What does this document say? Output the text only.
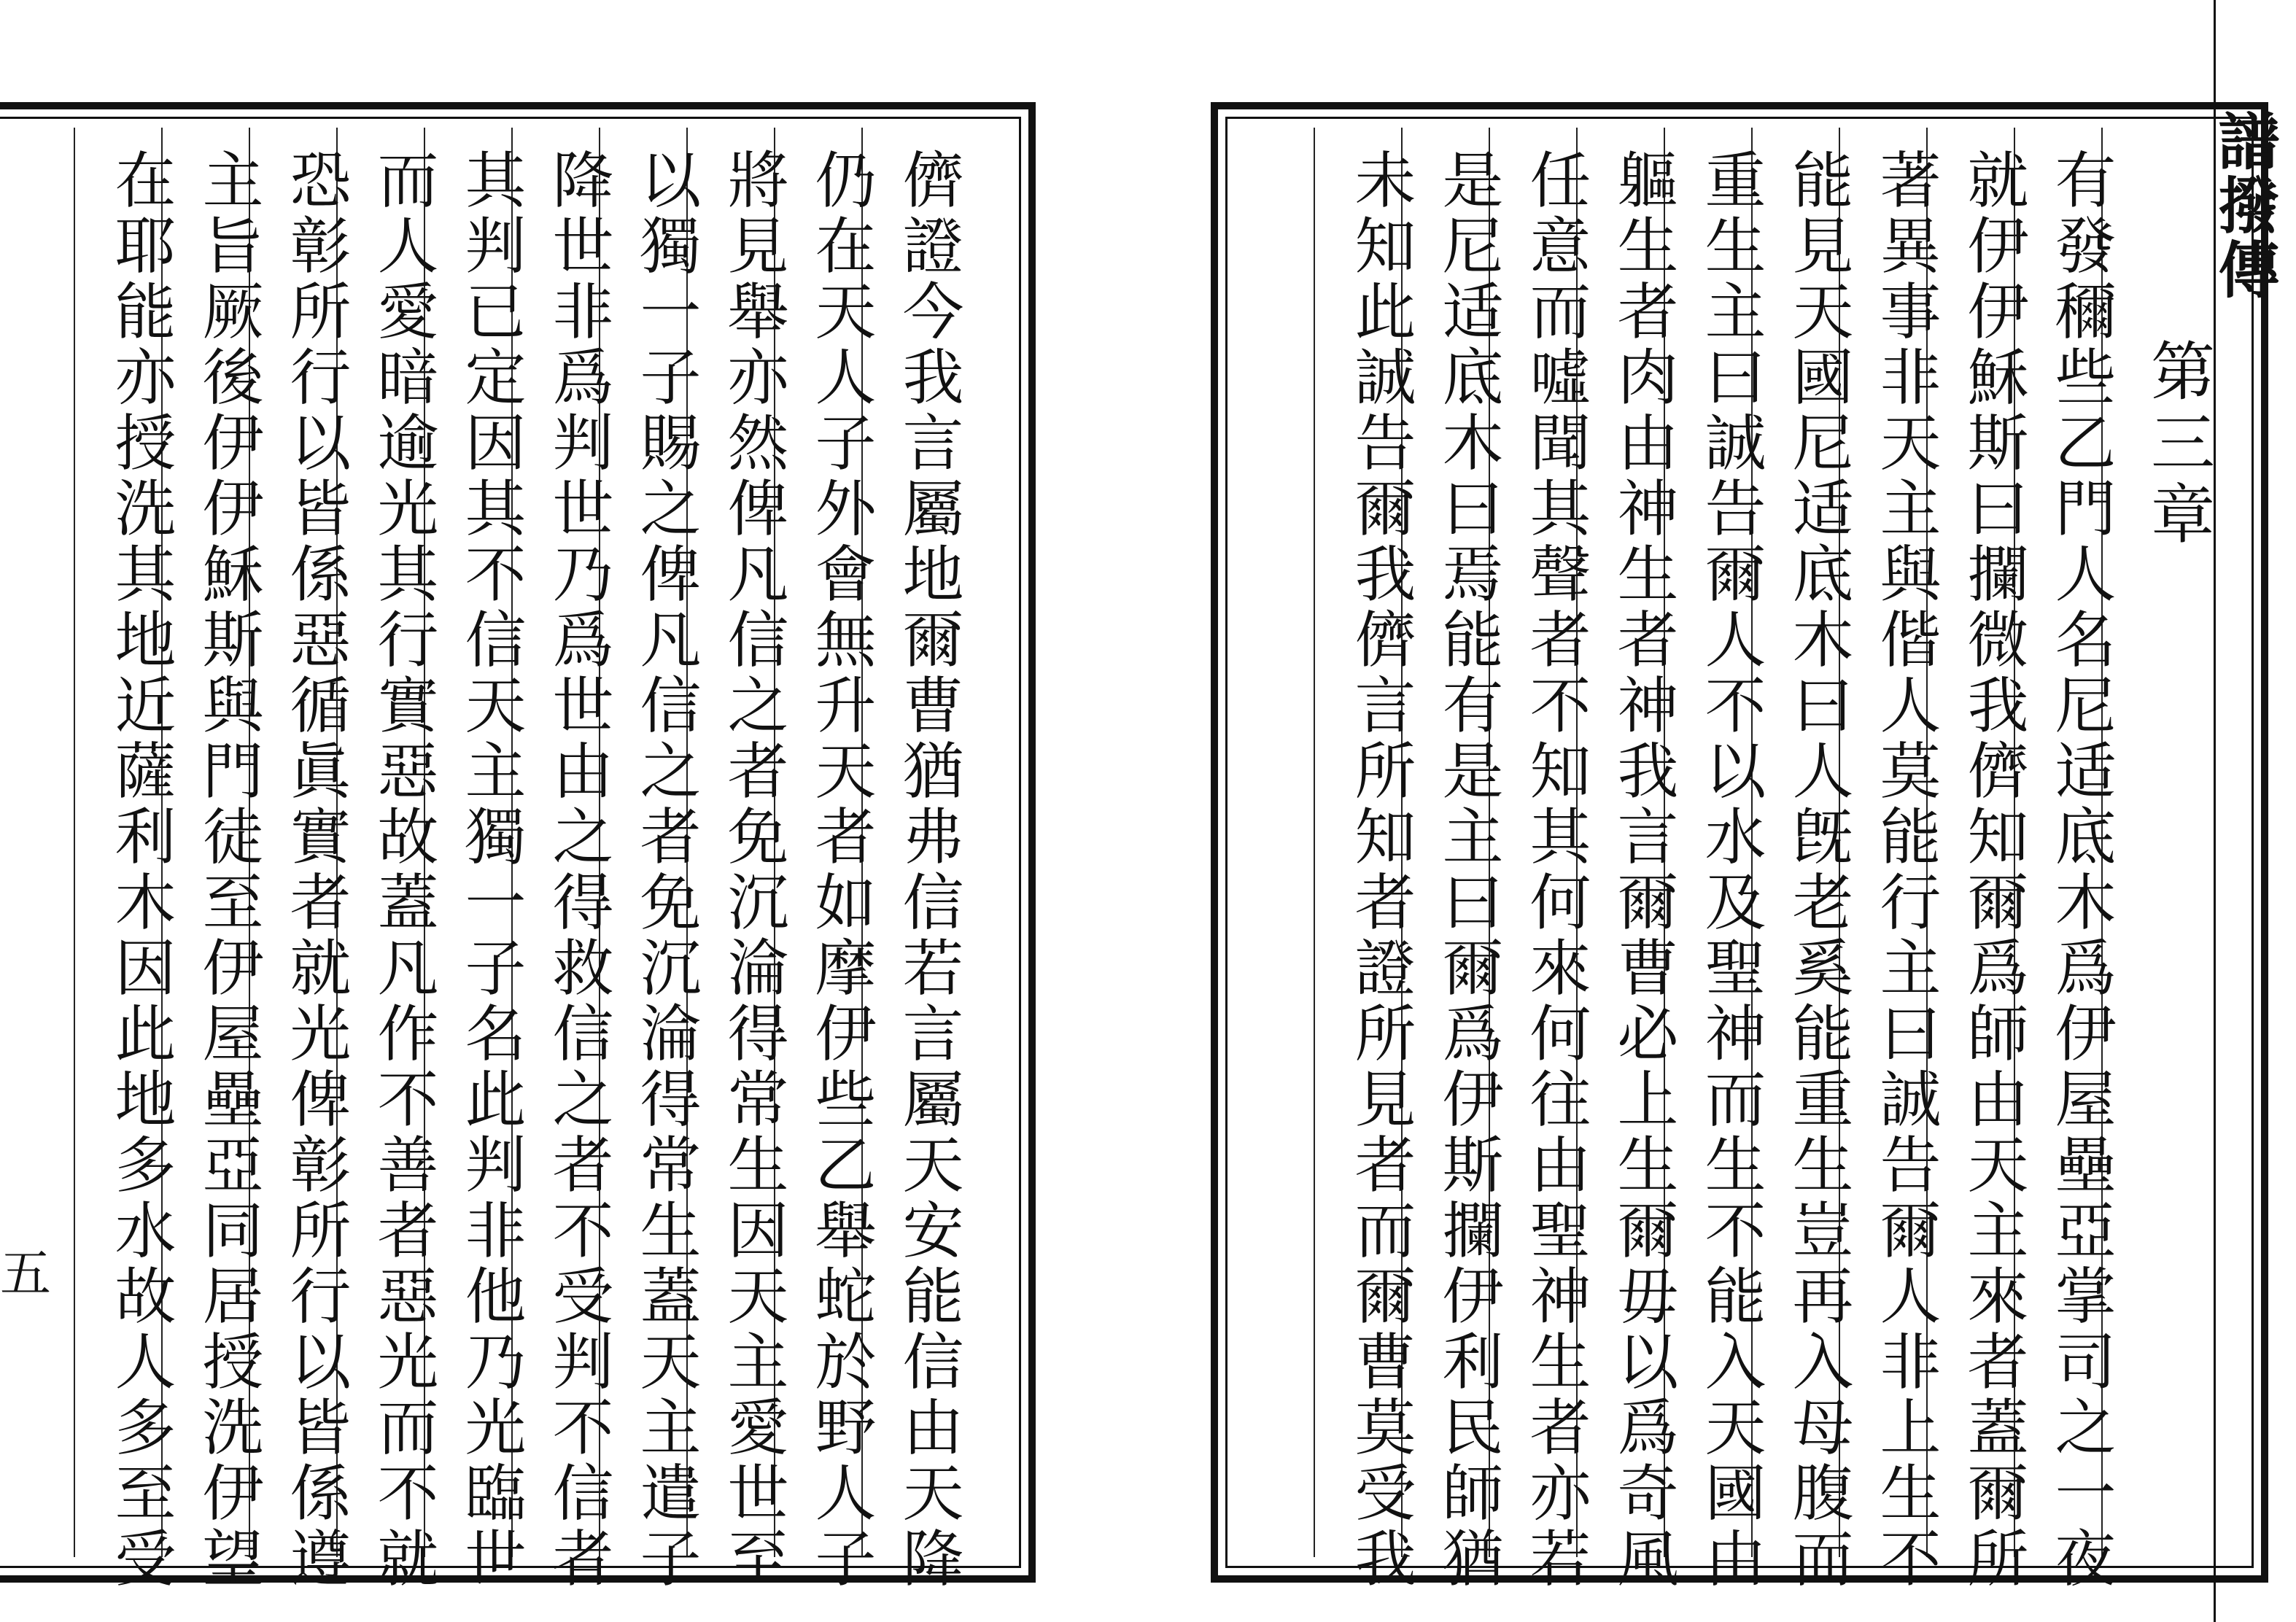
儕證今我言屬地爾曹猶弗信若言屬天安能信由天降
仍在天人子外會無升天者如摩伊些乙舉蛇於野人子
將見舉亦然俾凡信之者免沉淪得常生因天主愛世至
以獨一子賜之俾凡信之者免沉淪得常生蓋天主遣子
降世非爲判世乃爲世由之得救信之者不受判不信者
其判已定因其不信天主獨一子名此判非他乃光臨世
而人愛暗逾光其行實惡故蓋凡作不善者惡光而不就
恐彰所行以皆係惡循眞實者就光俾彰所行以皆係遵
主旨厥後伊伊穌斯與門徒至伊屋壘亞同居授洗伊望
在耶能亦授洗其地近薩利木因此地多水故人多至受
五
第三章
有發穪些乙門人名尼适底木爲伊屋壘亞掌司之一夜
就伊伊穌斯曰攔微我儕知爾爲師由天主來者蓋爾所
著異事非天主與偕人莫能行主曰誠告爾人非上生不
能見天國尼适底木曰人旣老奚能重生豈再入母腹而
重生主曰誠告爾人不以水及聖神而生不能入天國由
軀生者肉由神生者神我言爾曹必上生爾毋以爲奇風
任意而噓聞其聲者不知其何來何往由聖神生者亦若
是尼适底木曰焉能有是主曰爾爲伊斯攔伊利民師猶
未知此誠告爾我儕言所知者證所見者而爾曹莫受我	譜撥傳
